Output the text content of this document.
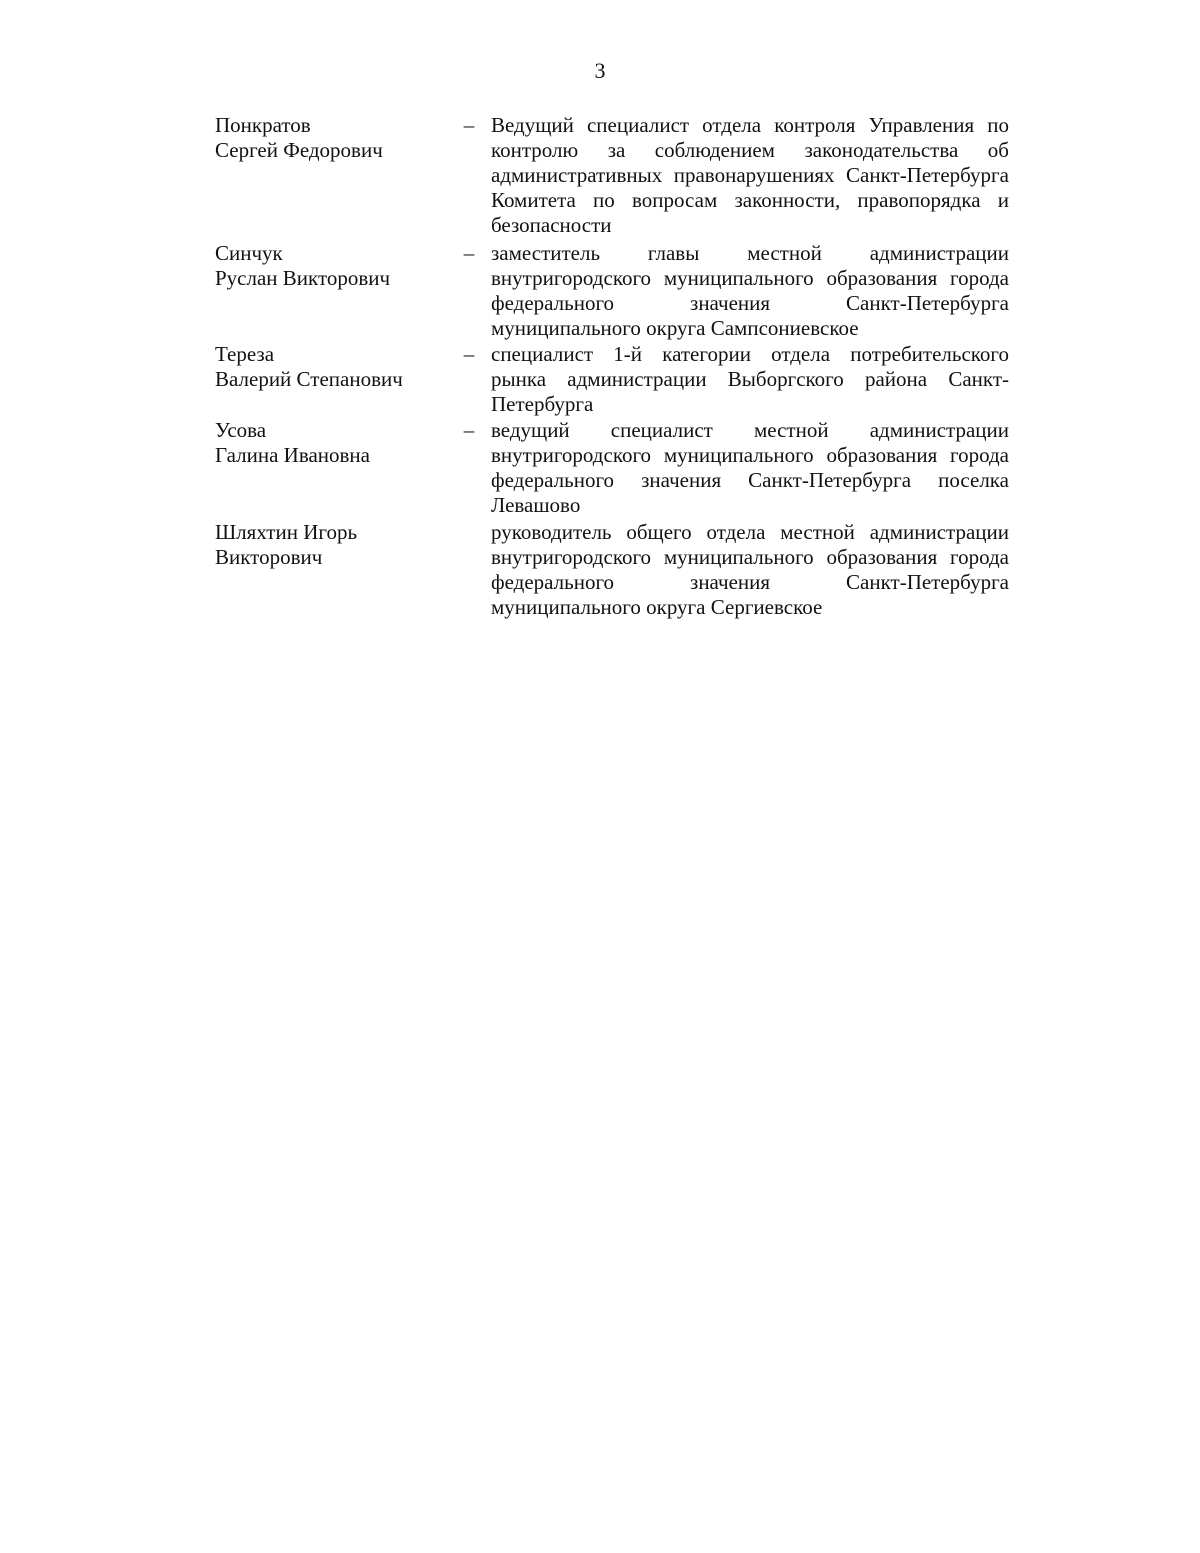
3
Понкратов
Сергей Федорович
– Ведущий специалист отдела контроля Управления по контролю за соблюдением законодательства об административных правонарушениях Санкт-Петербурга Комитета по вопросам законности, правопорядка и безопасности
Синчук
Руслан Викторович
– заместитель главы местной администрации внутригородского муниципального образования города федерального значения Санкт-Петербурга муниципального округа Сампсониевское
Тереза
Валерий Степанович
– специалист 1-й категории отдела потребительского рынка администрации Выборгского района Санкт-Петербурга
Усова
Галина Ивановна
– ведущий специалист местной администрации внутригородского муниципального образования города федерального значения Санкт-Петербурга поселка Левашово
Шляхтин Игорь
Викторович
руководитель общего отдела местной администрации внутригородского муниципального образования города федерального значения Санкт-Петербурга муниципального округа Сергиевское
